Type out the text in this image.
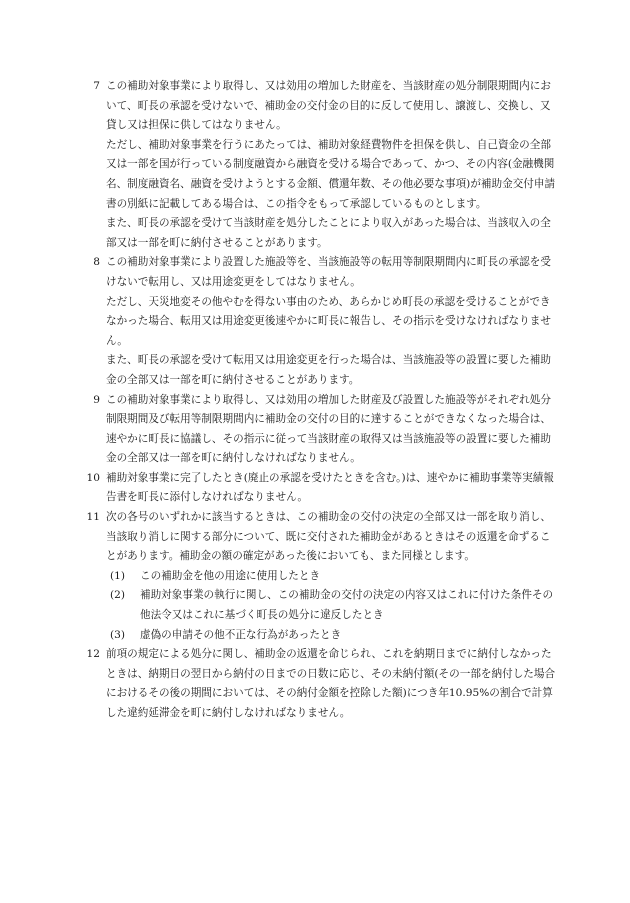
7 この補助対象事業により取得し、又は効用の増加した財産を、当該財産の処分制限期間内において、町長の承認を受けないで、補助金の交付金の目的に反して使用し、譲渡し、交換し、又貸し又は担保に供してはなりません。

ただし、補助対象事業を行うにあたっては、補助対象経費物件を担保を供し、自己資金の全部又は一部を国が行っている制度融資から融資を受ける場合であって、かつ、その内容(金融機関名、制度融資名、融資を受けようとする金額、償還年数、その他必要な事項)が補助金交付申請書の別紙に記載してある場合は、この指令をもって承認しているものとします。

また、町長の承認を受けて当該財産を処分したことにより収入があった場合は、当該収入の全部又は一部を町に納付させることがあります。

8 この補助対象事業により設置した施設等を、当該施設等の転用等制限期間内に町長の承認を受けないで転用し、又は用途変更をしてはなりません。

ただし、天災地変その他やむを得ない事由のため、あらかじめ町長の承認を受けることができなかった場合、転用又は用途変更後速やかに町長に報告し、その指示を受けなければなりません。

また、町長の承認を受けて転用又は用途変更を行った場合は、当該施設等の設置に要した補助金の全部又は一部を町に納付させることがあります。

9 この補助対象事業により取得し、又は効用の増加した財産及び設置した施設等がそれぞれ処分制限期間及び転用等制限期間内に補助金の交付の目的に達することができなくなった場合は、速やかに町長に協議し、その指示に従って当該財産の取得又は当該施設等の設置に要した補助金の全部又は一部を町に納付しなければなりません。

10 補助対象事業に完了したとき(廃止の承認を受けたときを含む。)は、速やかに補助事業等実績報告書を町長に添付しなければなりません。

11 次の各号のいずれかに該当するときは、この補助金の交付の決定の全部又は一部を取り消し、当該取り消しに関する部分について、既に交付された補助金があるときはその返還を命ずることがあります。補助金の額の確定があった後においても、また同様とします。

(1)	この補助金を他の用途に使用したとき
(2)	補助対象事業の執行に関し、この補助金の交付の決定の内容又はこれに付けた条件その他法令又はこれに基づく町長の処分に違反したとき
(3)	虚偽の申請その他不正な行為があったとき
12 前項の規定による処分に関し、補助金の返還を命じられ、これを納期日までに納付しなかったときは、納期日の翌日から納付の日までの日数に応じ、その未納付額(その一部を納付した場合におけるその後の期間においては、その納付金額を控除した額)につき年10.95%の割合で計算した違約延滞金を町に納付しなければなりません。
